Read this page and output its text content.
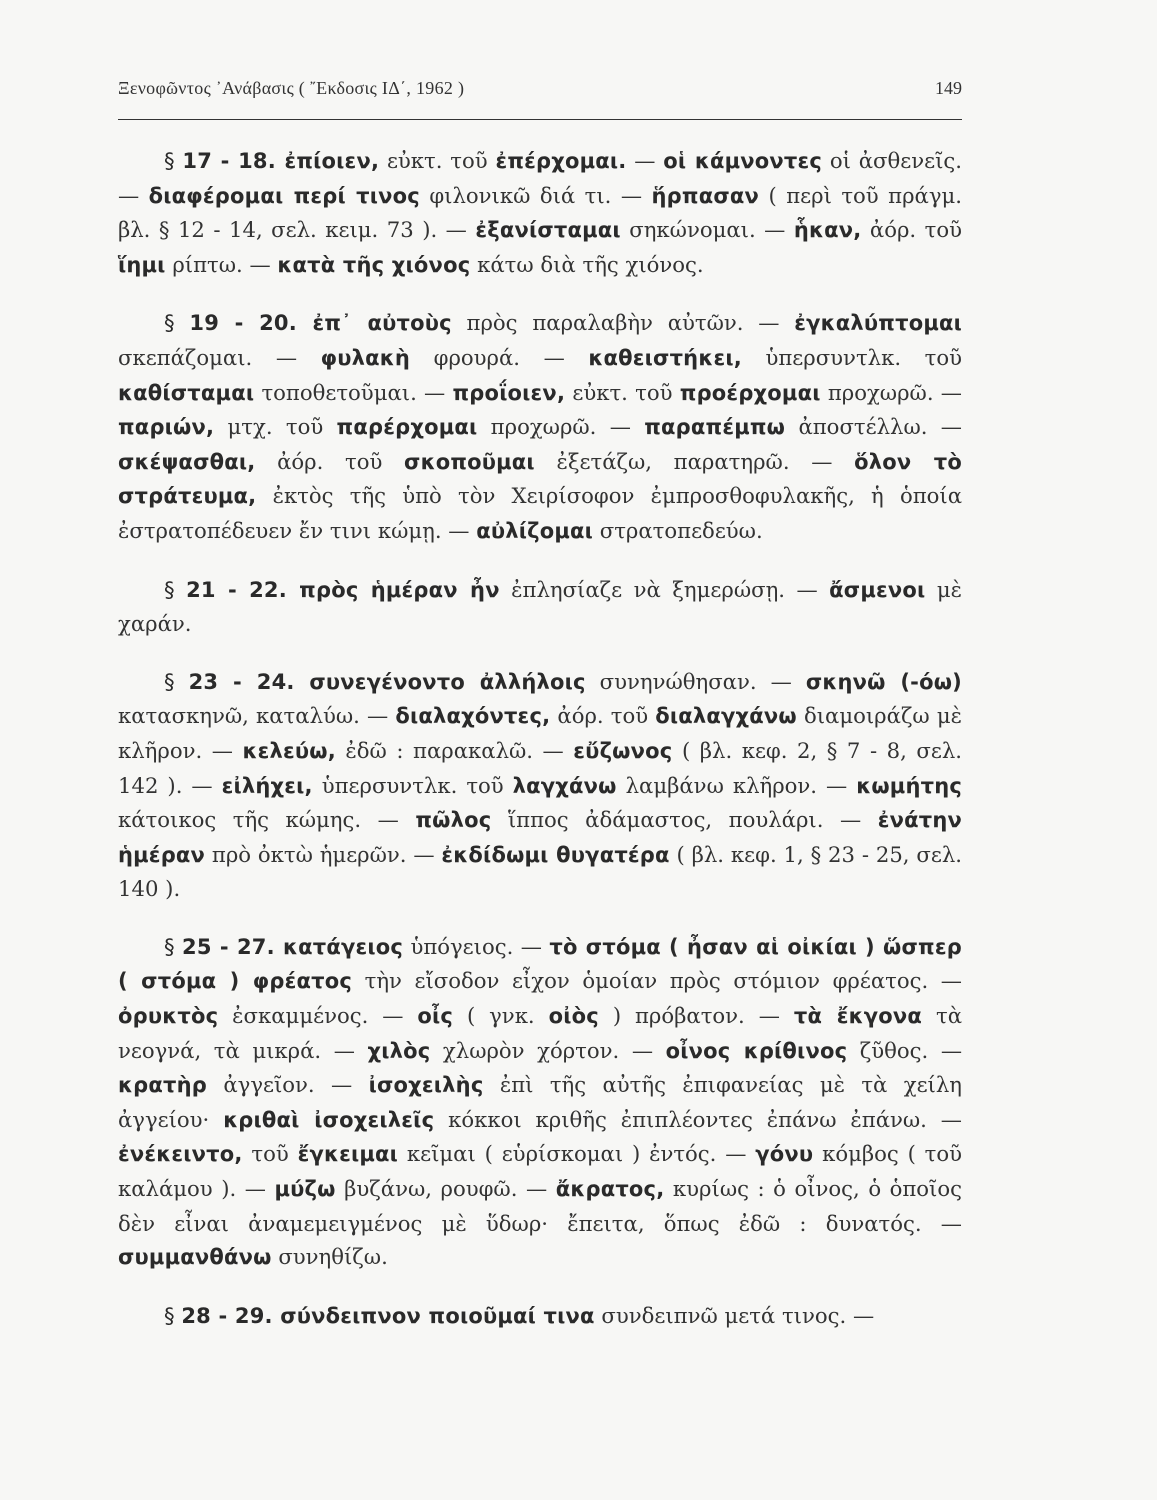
Ξενοφῶντος ᾿Ανάβασις ( ῎Εκδοσις ΙΔ΄, 1962 )	149

§ 17 - 18. ἐπίοιεν, εὐκτ. τοῦ ἐπέρχομαι. — οἱ κάμνοντες οἱ ἀσθενεῖς. — διαφέρομαι περί τινος φιλονικῶ διά τι. — ἥρπασαν ( περὶ τοῦ πράγμ. βλ. § 12 - 14, σελ. κειμ. 73 ). — ἐξανίσταμαι σηκώνομαι. — ἧκαν, ἀόρ. τοῦ ἵημι ρίπτω. — κατὰ τῆς χιόνος κάτω διὰ τῆς χιόνος.

§ 19 - 20. ἐπ᾿ αὐτοὺς πρὸς παραλαβὴν αὐτῶν. — ἐγκαλύπτομαι σκεπάζομαι. — φυλακὴ φρουρά. — καθειστήκει, ὑπερσυντλκ. τοῦ καθίσταμαι τοποθετοῦμαι. — προΐοιεν, εὐκτ. τοῦ προέρχομαι προχωρῶ. — παριών, μτχ. τοῦ παρέρχομαι προχωρῶ. — παραπέμπω ἀποστέλλω. — σκέψασθαι, ἀόρ. τοῦ σκοποῦμαι ἐξετάζω, παρατηρῶ. — ὅλον τὸ στράτευμα, ἐκτὸς τῆς ὑπὸ τὸν Χειρίσοφον ἐμπροσθοφυλακῆς, ἡ ὁποία ἐστρατοπέδευεν ἔν τινι κώμῃ. — αὐλίζομαι στρατοπεδεύω.

§ 21 - 22. πρὸς ἡμέραν ἦν ἐπλησίαζε νὰ ξημερώσῃ. — ἄσμενοι μὲ χαράν.

§ 23 - 24. συνεγένοντο ἀλλήλοις συνηνώθησαν. — σκηνῶ (-όω) κατασκηνῶ, καταλύω. — διαλαχόντες, ἀόρ. τοῦ διαλαγχάνω διαμοιράζω μὲ κλῆρον. — κελεύω, ἐδῶ : παρακαλῶ. — εὔζωνος ( βλ. κεφ. 2, § 7 - 8, σελ. 142 ). — εἰλήχει, ὑπερσυντλκ. τοῦ λαγχάνω λαμβάνω κλῆρον. — κωμήτης κάτοικος τῆς κώμης. — πῶλος ἵππος ἀδάμαστος, πουλάρι. — ἐνάτην ἡμέραν πρὸ ὀκτὼ ἡμερῶν. — ἐκδίδωμι θυγατέρα ( βλ. κεφ. 1, § 23 - 25, σελ. 140 ).

§ 25 - 27. κατάγειος ὑπόγειος. — τὸ στόμα ( ἦσαν αἱ οἰκίαι ) ὥσπερ ( στόμα ) φρέατος τὴν εἴσοδον εἶχον ὁμοίαν πρὸς στόμιον φρέατος. — ὀρυκτὸς ἐσκαμμένος. — οἶς ( γνκ. οἰὸς ) πρόβατον. — τὰ ἔκγονα τὰ νεογνά, τὰ μικρά. — χιλὸς χλωρὸν χόρτον. — οἶνος κρίθινος ζῦθος. — κρατὴρ ἀγγεῖον. — ἰσοχειλὴς ἐπὶ τῆς αὐτῆς ἐπιφανείας μὲ τὰ χείλη ἀγγείου· κριθαὶ ἰσοχειλεῖς κόκκοι κριθῆς ἐπιπλέοντες ἐπάνω ἐπάνω. — ἐνέκειντο, τοῦ ἔγκειμαι κεῖμαι ( εὑρίσκομαι ) ἐντός. — γόνυ κόμβος ( τοῦ καλάμου ). — μύζω βυζάνω, ρουφῶ. — ἄκρατος, κυρίως : ὁ οἶνος, ὁ ὁποῖος δὲν εἶναι ἀναμεμειγμένος μὲ ὕδωρ· ἔπειτα, ὅπως ἐδῶ : δυνατός. — συμμανθάνω συνηθίζω.

§ 28 - 29. σύνδειπνον ποιοῦμαί τινα συνδειπνῶ μετά τινος. —
